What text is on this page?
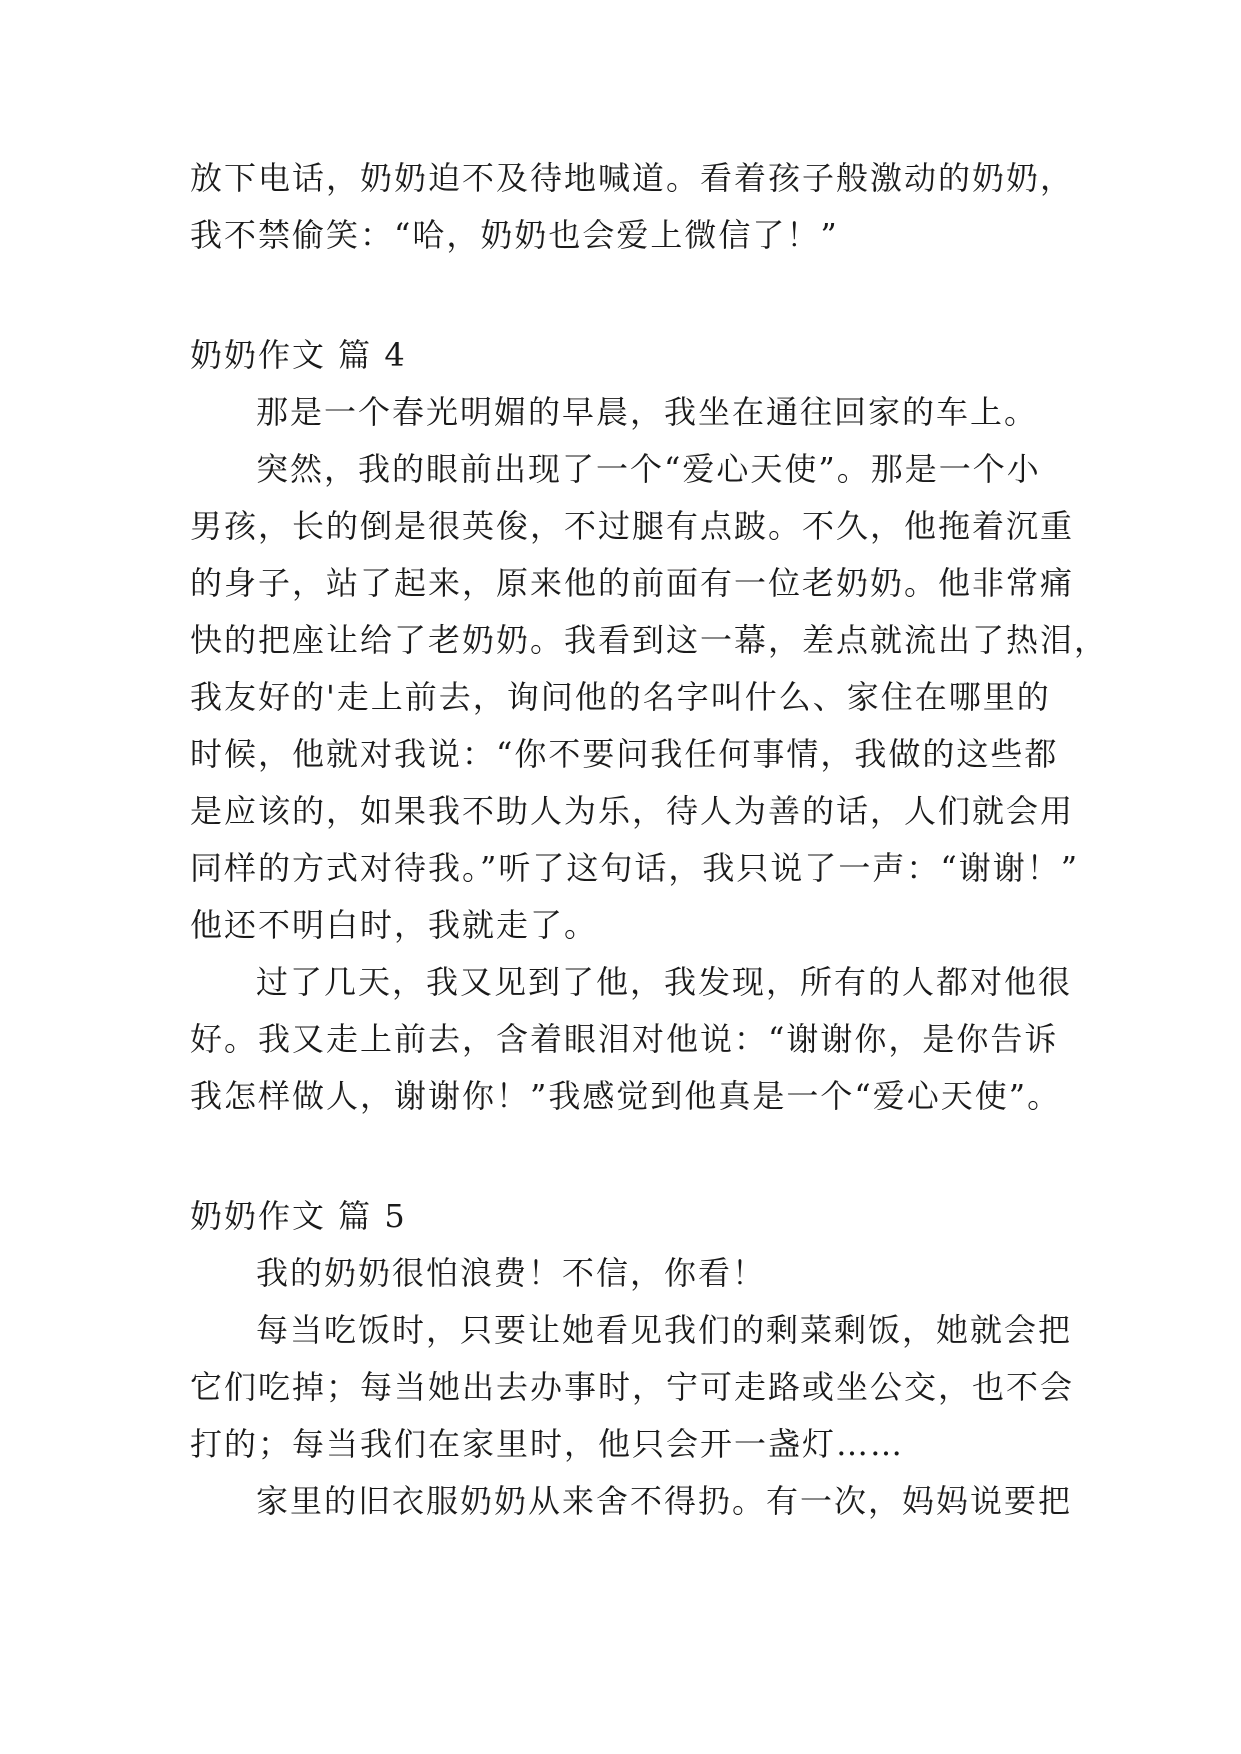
放下电话，奶奶迫不及待地喊道。看着孩子般激动的奶奶，
我不禁偷笑：“哈，奶奶也会爱上微信了！”
奶奶作文 篇 4
那是一个春光明媚的早晨，我坐在通往回家的车上。
突然，我的眼前出现了一个“爱心天使”。那是一个小
男孩，长的倒是很英俊，不过腿有点跛。不久，他拖着沉重
的身子，站了起来，原来他的前面有一位老奶奶。他非常痛
快的把座让给了老奶奶。我看到这一幕，差点就流出了热泪，
我友好的'走上前去，询问他的名字叫什么、家住在哪里的
时候，他就对我说：“你不要问我任何事情，我做的这些都
是应该的，如果我不助人为乐，待人为善的话，人们就会用
同样的方式对待我。”听了这句话，我只说了一声：“谢谢！”
他还不明白时，我就走了。
过了几天，我又见到了他，我发现，所有的人都对他很
好。我又走上前去，含着眼泪对他说：“谢谢你，是你告诉
我怎样做人，谢谢你！”我感觉到他真是一个“爱心天使”。
奶奶作文 篇 5
我的奶奶很怕浪费！不信，你看！
每当吃饭时，只要让她看见我们的剩菜剩饭，她就会把
它们吃掉；每当她出去办事时，宁可走路或坐公交，也不会
打的；每当我们在家里时，他只会开一盏灯……
家里的旧衣服奶奶从来舍不得扔。有一次，妈妈说要把
